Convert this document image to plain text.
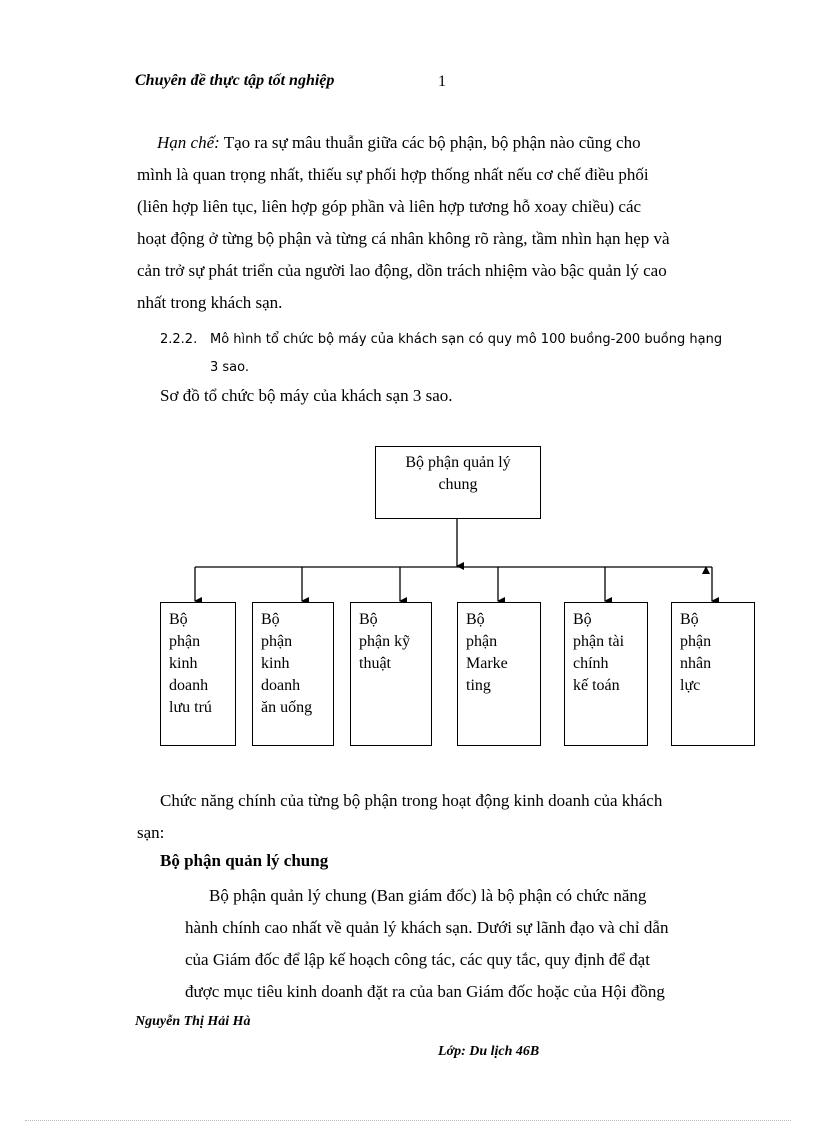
Chuyên đề thực tập tốt nghiệp	1
Hạn chế: Tạo ra sự mâu thuẫn giữa các bộ phận, bộ phận nào cũng cho
mình là quan trọng nhất, thiếu sự phối hợp thống nhất nếu cơ chế điều phối
(liên hợp liên tục, liên hợp góp phần và liên hợp tương hỗ xoay chiều) các
hoạt động ở từng bộ phận và từng cá nhân không rõ ràng, tầm nhìn hạn hẹp và
cản trở sự phát triển của người lao động, dồn trách nhiệm vào bậc quản lý cao
nhất trong khách sạn.
2.2.2. Mô hình tổ chức bộ máy của khách sạn có quy mô 100 buồng-200 buồng hạng
3 sao.
Sơ đồ tổ chức bộ máy của khách sạn 3 sao.
Bộ phận quản lý
chung
Bộ
phận
kinh
doanh
lưu trú
Bộ
phận
kinh
doanh
ăn uống
Bộ
phận kỹ
thuật
Bộ
phận
Marke
ting
Bộ
phận tài
chính
kế toán
Bộ
phận
nhân
lực
Chức năng chính của từng bộ phận trong hoạt động kinh doanh của khách
sạn:
Bộ phận quản lý chung
Bộ phận quản lý chung (Ban giám đốc) là bộ phận có chức năng
hành chính cao nhất về quản lý khách sạn. Dưới sự lãnh đạo và chỉ dẫn
của Giám đốc để lập kế hoạch công tác, các quy tắc, quy định để đạt
được mục tiêu kinh doanh đặt ra của ban Giám đốc hoặc của Hội đồng
Nguyễn Thị Hải Hà
Lớp: Du lịch 46B
